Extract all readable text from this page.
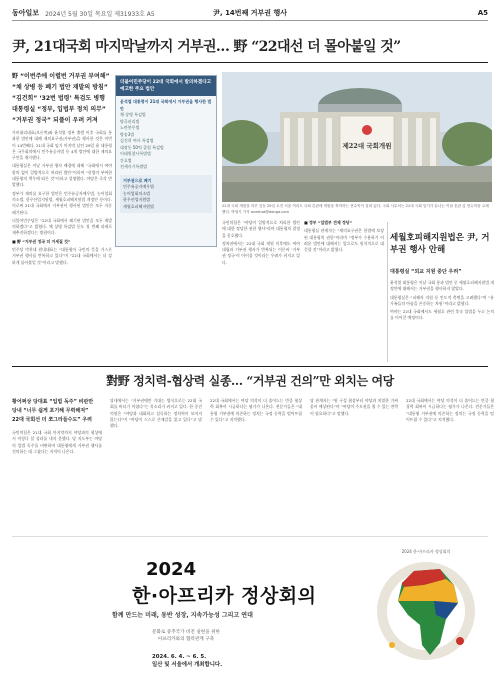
동아일보 2024년 5월 30일 목요일 제31933호 A5	尹, 14번째 거부권 행사	A5
尹, 21대국회 마지막날까지 거부권… 野 “22대선 더 몰아붙일 것”
野 “이번주에 이렬번 거부권 부여해”
“채 상병 등 폐기 법안 재발의 방침”
“김건희” ‘32번 법령’ 특검도 병행
대통령실 “정부, 입법부 정치 의무”
“거부권 정국” 되풀이 우려 커져

가비대리대표(오른쪽)와 윤석열 정부 출범 이후 국회를 통과한 법안에 대해 재의요구권(거부권)을 행사한 것은 이번이 14번째다. 21대 국회 임기 마지막 날인 29일 윤 대통령은 국무회의에서 민주유공자법 등 4개 법안에 대한 재의요구안을 재가했다.

대통령실은 이날 거부권 행사 배경에 대해 “국회에서 여야 합의 없이 일방적으로 처리된 법안”이라며 “헌법이 부여한 대통령의 책무에 따른 것”이라고 설명했다. 야당은 즉각 반발했다.

정부가 재의를 요구한 법안은 민주유공자예우법, 농어업회의소법, 한우산업지원법, 세월호피해지원법 개정안 등이다. 이로써 21대 국회에서 거부권이 행사된 법안은 모두 자동 폐기된다.

더불어민주당은 “22대 국회에서 폐기된 법안을 모두 재발의하겠다”고 밝혔다. 채 상병 특검법 등도 첫 번째 과제로 재추진하겠다는 방침이다.

■ 野 “거부권 정국 더 거세질 것”

민주당 박찬대 원내대표는 “대통령이 국민의 뜻을 거스른 거부권 행사를 반복하고 있다”며 “22대 국회에서는 더 강하게 몰아붙일 것”이라고 말했다.

더불어민주당이 22대 국회에서 발의하겠다고 예고한 주요 법안
윤석열 대통령이 21대 국회에서 거부권을 행사한 법안
채 상병 특검법
양곡관리법
노란봉투법
방송3법
김건희 여사 특검법
대장동 50억 클럽 특검법
이태원참사특별법
간호법
전세사기특별법
거부권으로 폐기
민주유공자예우법
농어업회의소법
한우산업지원법
세월호피해지원법
제22대 국회개원
22대 국회 개원을 하루 앞둔 29일 오전 서울 여의도 국회 본관에 개원을 축하하는 현수막이 걸려 있다. 국회 사무처는 21대 국회 임기가 끝나는 이날 본관 앞 현수막을 교체했다. 박형기 기자 oneshot@donga.com

국민의힘은 “야당이 일방적으로 처리한 법안에 대한 정당한 권한 행사”라며 대통령의 결정을 옹호했다.

정치권에서는 22대 국회 개원 이후에도 여야 대립과 거부권 행사가 반복되는 이른바 ‘거부권 정국’이 이어질 것이라는 우려가 커지고 있다.

■ 정부 “입법부 견제 정당”

대통령실 관계자는 “재의요구권은 헌법에 보장된 대통령의 권한”이라며 “정부가 수용하기 어려운 법안에 대해서는 앞으로도 원칙적으로 대응할 것”이라고 밝혔다.

세월호피해지원법은 尹, 거부권 행사 안해
대통령실 “외교 지원 중단 우려”

윤석열 대통령은 이날 국회 통과 법안 중 세월호피해지원법 개정안에 대해서는 거부권을 행사하지 않았다.

대통령실은 “피해자 지원 등 인도적 측면을 고려했다”며 “유가족들의 아픔을 존중하는 차원”이라고 밝혔다.

여야는 22대 국회에서도 세월호 관련 후속 입법을 두고 논의를 이어갈 예정이다.

對野 정치력-협상력 실종… “거부권 건의”만 외치는 여당
황어쩌상 당대표 “입법 독주” 비판만
당내 “너무 쉽게 포기해 무력해져”
22대 국회선 더 쪼그라들수도” 우려

국민의힘은 21대 국회 마지막까지 야당과의 협상에서 이렇다 할 성과를 내지 못했다. 당 지도부는 야당의 입법 독주를 비판하며 대통령에게 거부권 행사를 건의하는 데 그쳤다는 지적이 나온다.

당내에서는 “거부권에만 기대는 방식으로는 22대 국회를 버티기 어렵다”는 목소리가 커지고 있다. 한 중진 의원은 “야당과 대화하고 설득하는 정치력이 보이지 않는다”며 “여당이 스스로 존재감을 잃고 있다”고 말했다.

22대 국회에서는 여당 의석이 더 줄어드는 만큼 협상력 회복이 시급하다는 평가가 나온다. 전문가들은 “대통령 거부권에 의존하는 정치는 국정 동력을 떨어뜨릴 수 있다”고 지적했다.

당 관계자는 “원 구성 협상부터 야당과 치열한 기싸움이 예상된다”며 “여당이 주도권을 쥘 수 있는 전략이 필요하다”고 말했다.

22대 국회에서는 여당 의석이 더 줄어드는 만큼 협상력 회복이 시급하다는 평가가 나온다. 전문가들은 “대통령 거부권에 의존하는 정치는 국정 동력을 떨어뜨릴 수 있다”고 지적했다.

2024
한·아프리카 정상회의
함께 만드는 미래, 동반 성장, 지속가능성 그리고 연대
문화로 중추국가 비전 실현을 위한
아프리카와의 협력관계 구축
2024. 6. 4. ~ 6. 5.
일산 및 서울에서 개최합니다.
2024 한·아프리카 정상회의
